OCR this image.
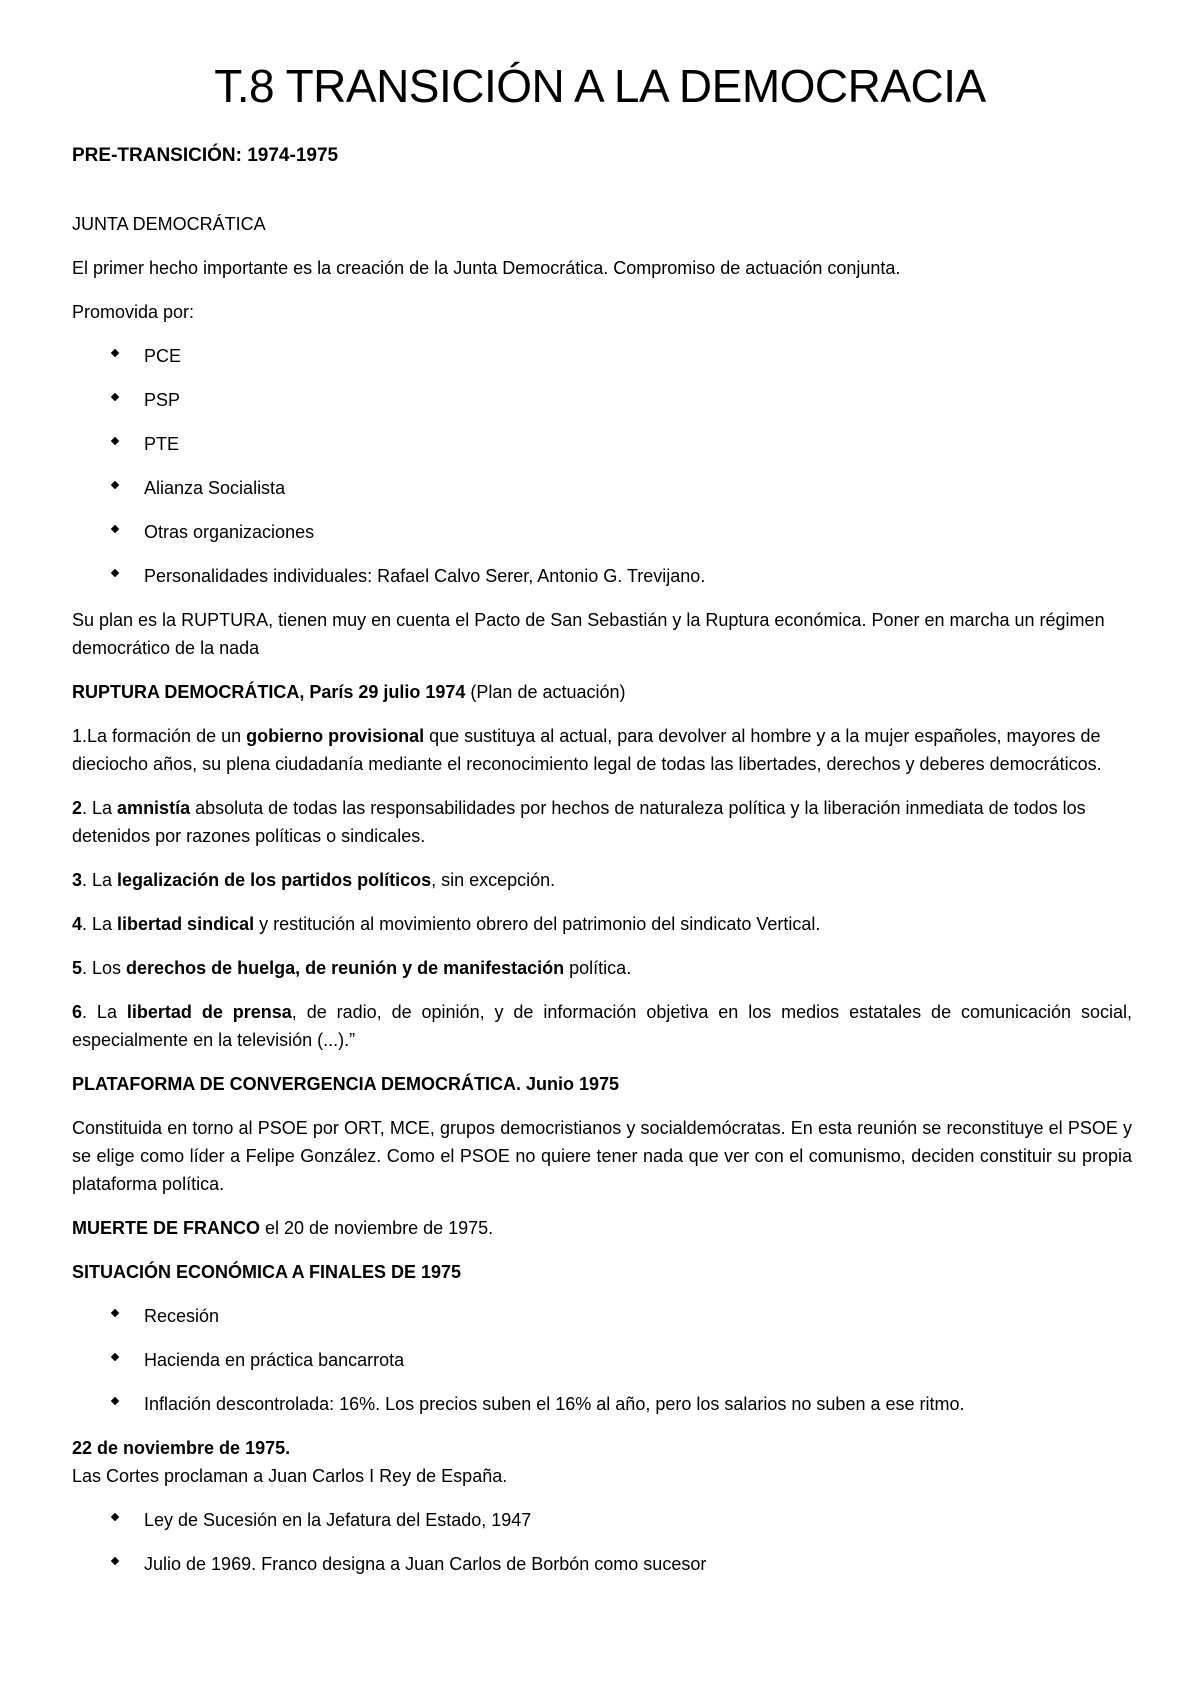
T.8 TRANSICIÓN A LA DEMOCRACIA

PRE-TRANSICIÓN: 1974-1975

JUNTA DEMOCRÁTICA

El primer hecho importante es la creación de la Junta Democrática. Compromiso de actuación conjunta.

Promovida por:

PCE
PSP
PTE
Alianza Socialista
Otras organizaciones
Personalidades individuales: Rafael Calvo Serer, Antonio G. Trevijano.

Su plan es la RUPTURA, tienen muy en cuenta el Pacto de San Sebastián y la Ruptura económica. Poner en marcha un régimen democrático de la nada

RUPTURA DEMOCRÁTICA, París 29 julio 1974 (Plan de actuación)

1.La formación de un gobierno provisional que sustituya al actual, para devolver al hombre y a la mujer españoles, mayores de dieciocho años, su plena ciudadanía mediante el reconocimiento legal de todas las libertades, derechos y deberes democráticos.

2. La amnistía absoluta de todas las responsabilidades por hechos de naturaleza política y la liberación inmediata de todos los detenidos por razones políticas o sindicales.

3. La legalización de los partidos políticos, sin excepción.

4. La libertad sindical y restitución al movimiento obrero del patrimonio del sindicato Vertical.

5. Los derechos de huelga, de reunión y de manifestación política.

6. La libertad de prensa, de radio, de opinión, y de información objetiva en los medios estatales de comunicación social, especialmente en la televisión (...).”

PLATAFORMA DE CONVERGENCIA DEMOCRÁTICA. Junio 1975

Constituida en torno al PSOE por ORT, MCE, grupos democristianos y socialdemócratas. En esta reunión se reconstituye el PSOE y se elige como líder a Felipe González. Como el PSOE no quiere tener nada que ver con el comunismo, deciden constituir su propia plataforma política.

MUERTE DE FRANCO el 20 de noviembre de 1975.

SITUACIÓN ECONÓMICA A FINALES DE 1975

Recesión
Hacienda en práctica bancarrota
Inflación descontrolada: 16%. Los precios suben el 16% al año, pero los salarios no suben a ese ritmo.

22 de noviembre de 1975.

Las Cortes proclaman a Juan Carlos I Rey de España.

Ley de Sucesión en la Jefatura del Estado, 1947
Julio de 1969. Franco designa a Juan Carlos de Borbón como sucesor
